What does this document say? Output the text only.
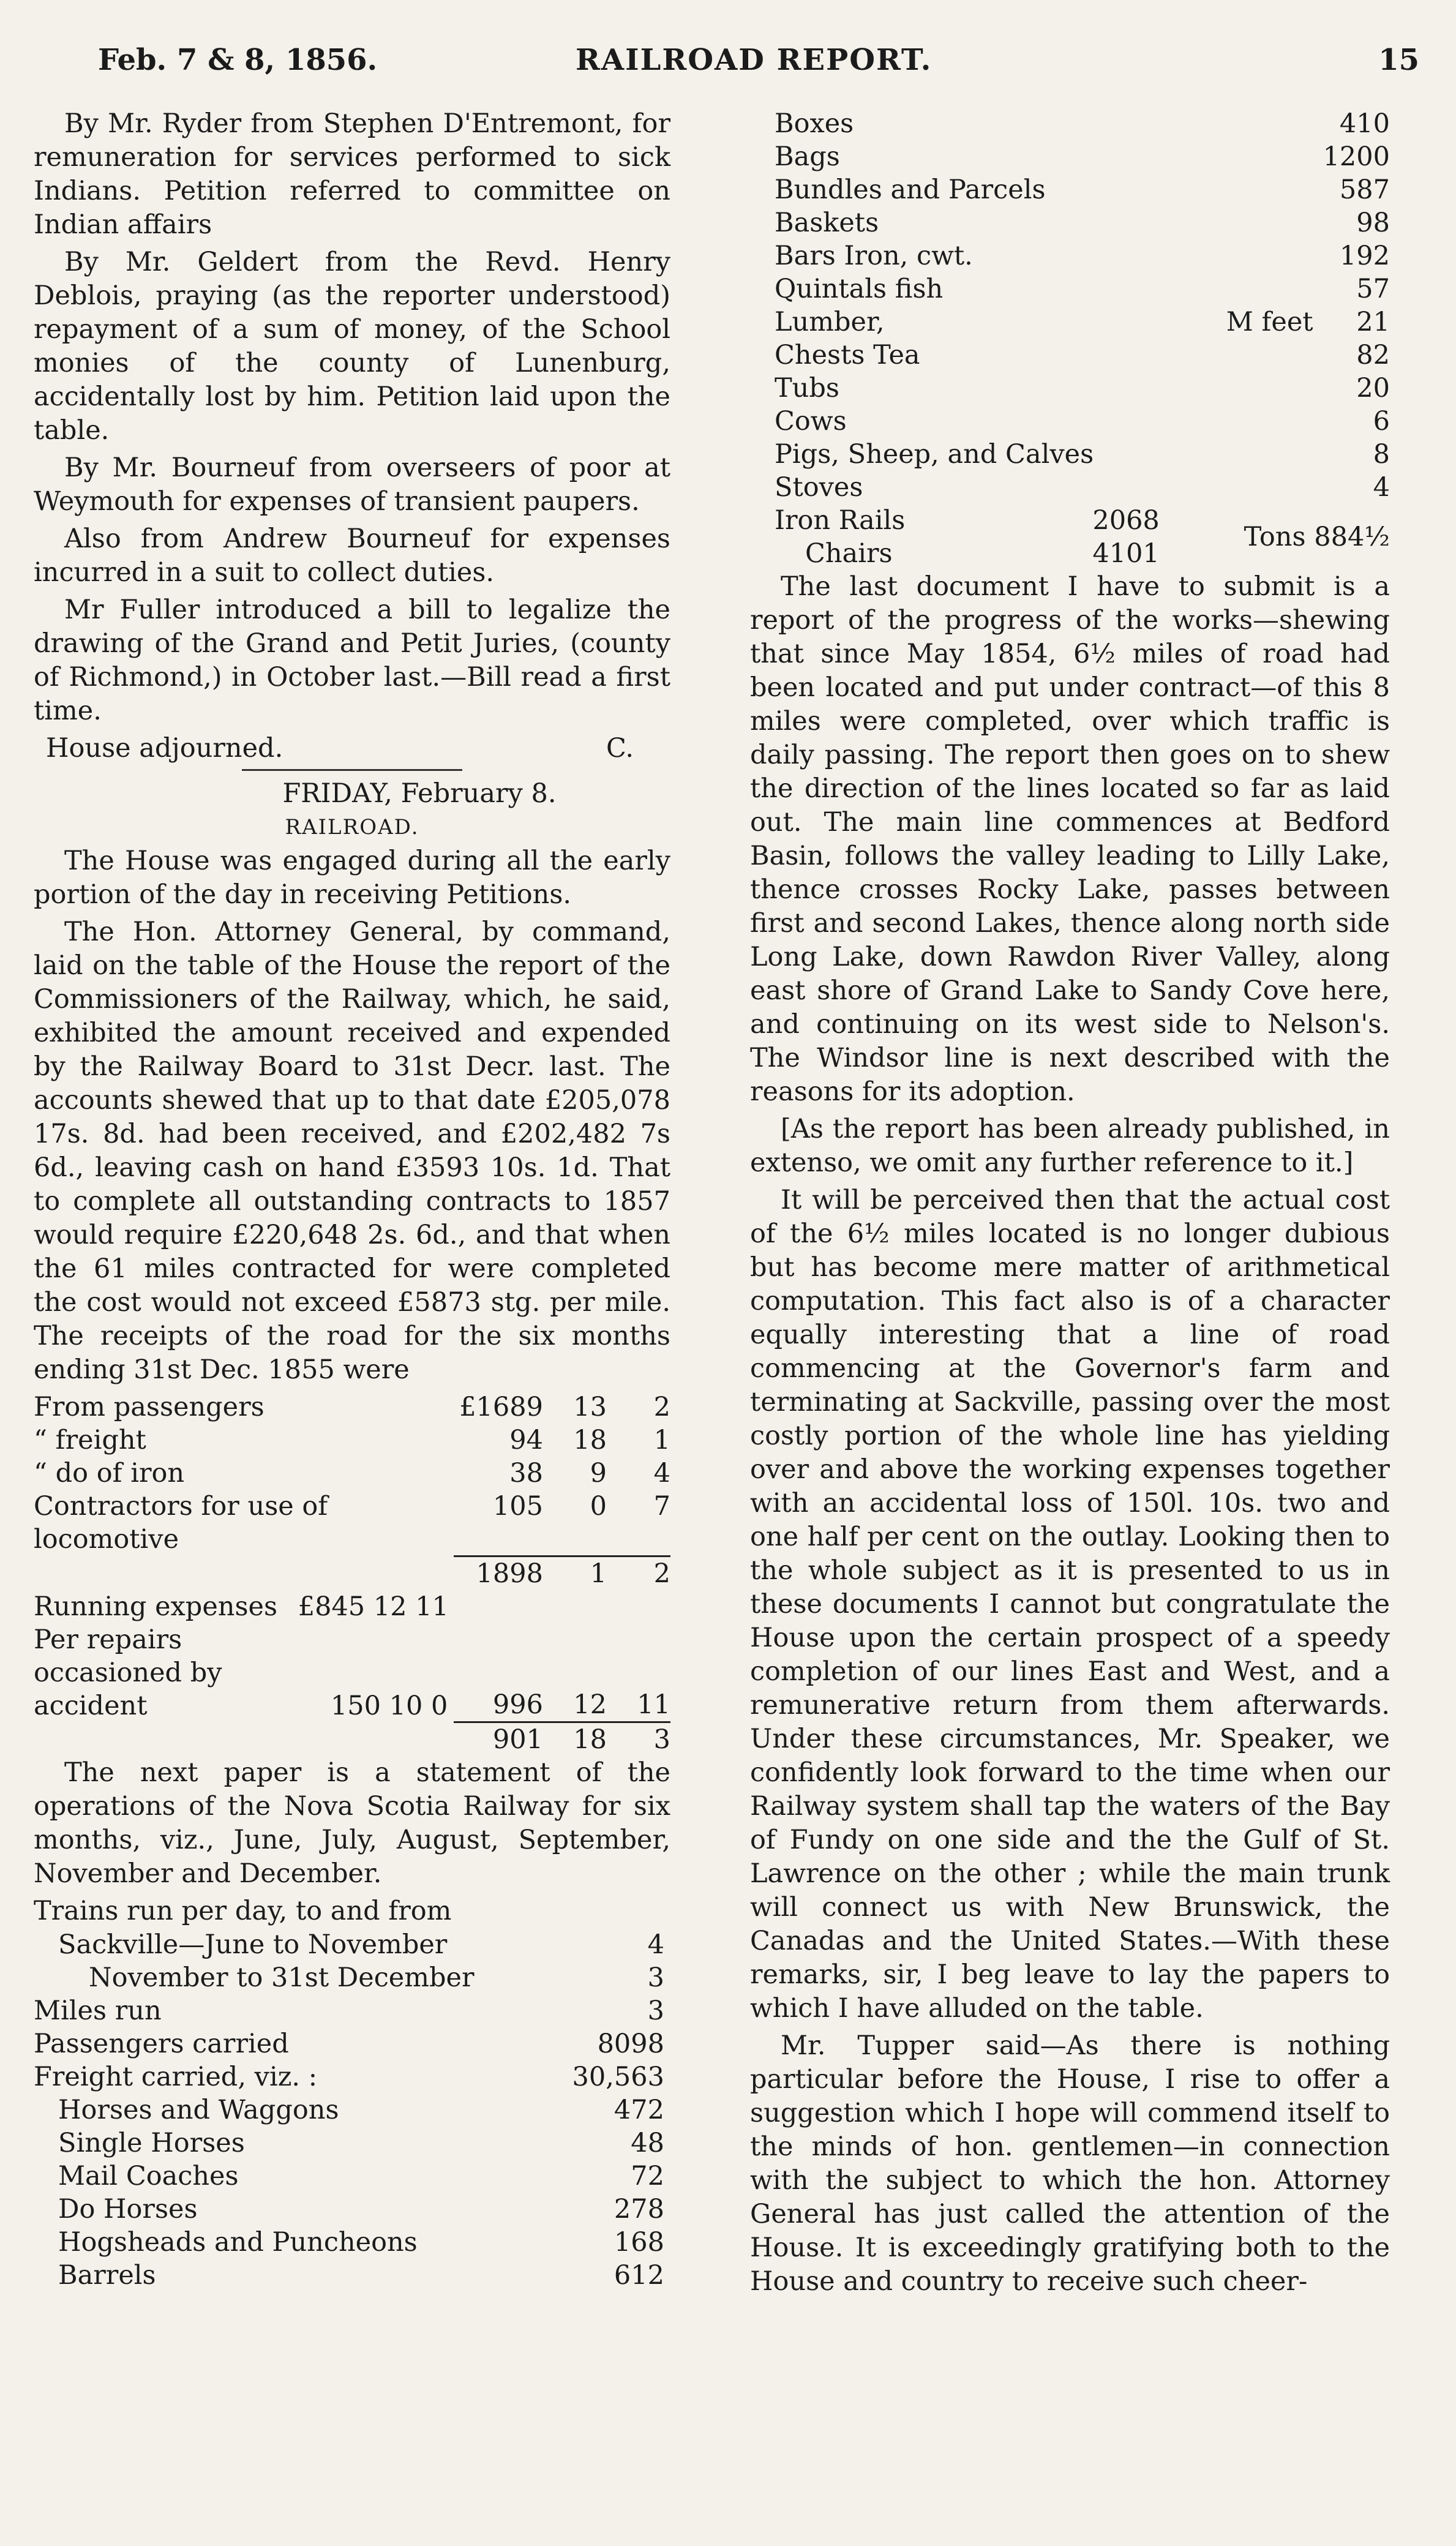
Feb. 7 & 8, 1856.	RAILROAD REPORT.	15

By Mr. Ryder from Stephen D'Entremont, for remuneration for services performed to sick Indians. Petition referred to committee on Indian affairs

By Mr. Geldert from the Revd. Henry Deblois, praying (as the reporter understood) repayment of a sum of money, of the School monies of the county of Lunenburg, accidentally lost by him. Petition laid upon the table.

By Mr. Bourneuf from overseers of poor at Weymouth for expenses of transient paupers.

Also from Andrew Bourneuf for expenses incurred in a suit to collect duties.

Mr Fuller introduced a bill to legalize the drawing of the Grand and Petit Juries, (county of Richmond,) in October last.—Bill read a first time.

House adjourned.	C.
FRIDAY, February 8.
RAILROAD.

The House was engaged during all the early portion of the day in receiving Petitions.

The Hon. Attorney General, by command, laid on the table of the House the report of the Commissioners of the Railway, which, he said, exhibited the amount received and expended by the Railway Board to 31st Decr. last. The accounts shewed that up to that date £205,078 17s. 8d. had been received, and £202,482 7s 6d., leaving cash on hand £3593 10s. 1d. That to complete all outstanding contracts to 1857 would require £220,648 2s. 6d., and that when the 61 miles contracted for were completed the cost would not exceed £5873 stg. per mile. The receipts of the road for the six months ending 31st Dec. 1855 were

From passengers	£1689	13	2
“ freight	94	18	1
“ do of iron	38	9	4
Contractors for use of locomotive	105	0	7
	1898	1	2
Running expenses £845 12 11			

Per repairs occasioned by accident 150 10 0	996	12	11
	901	18	3

The next paper is a statement of the operations of the Nova Scotia Railway for six months, viz., June, July, August, September, November and December.

Trains run per day, to and from
Sackville—June to November	4
November to 31st December	3
Miles run	3
Passengers carried	8098
Freight carried, viz. :	30,563
Horses and Waggons	472
Single Horses	48
Mail Coaches	72
Do Horses	278
Hogsheads and Puncheons	168
Barrels	612
Boxes		410
Bags		1200
Bundles and Parcels		587
Baskets		98
Bars Iron, cwt.		192
Quintals fish		57
Lumber,	M feet	21
Chests Tea		82
Tubs		20
Cows		6
Pigs, Sheep, and Calves		8
Stoves		4
Iron Rails	2068	Tons 884½
Chairs	4101	

The last document I have to submit is a report of the progress of the works—shewing that since May 1854, 6½ miles of road had been located and put under contract—of this 8 miles were completed, over which traffic is daily passing. The report then goes on to shew the direction of the lines located so far as laid out. The main line commences at Bedford Basin, follows the valley leading to Lilly Lake, thence crosses Rocky Lake, passes between first and second Lakes, thence along north side Long Lake, down Rawdon River Valley, along east shore of Grand Lake to Sandy Cove here, and continuing on its west side to Nelson's. The Windsor line is next described with the reasons for its adoption.

[As the report has been already published, in extenso, we omit any further reference to it.]

It will be perceived then that the actual cost of the 6½ miles located is no longer dubious but has become mere matter of arithmetical computation. This fact also is of a character equally interesting that a line of road commencing at the Governor's farm and terminating at Sackville, passing over the most costly portion of the whole line has yielding over and above the working expenses together with an accidental loss of 150l. 10s. two and one half per cent on the outlay. Looking then to the whole subject as it is presented to us in these documents I cannot but congratulate the House upon the certain prospect of a speedy completion of our lines East and West, and a remunerative return from them afterwards. Under these circumstances, Mr. Speaker, we confidently look forward to the time when our Railway system shall tap the waters of the Bay of Fundy on one side and the the Gulf of St. Lawrence on the other ; while the main trunk will connect us with New Brunswick, the Canadas and the United States.—With these remarks, sir, I beg leave to lay the papers to which I have alluded on the table.

Mr. Tupper said—As there is nothing particular before the House, I rise to offer a suggestion which I hope will commend itself to the minds of hon. gentlemen—in connection with the subject to which the hon. Attorney General has just called the attention of the House. It is exceedingly gratifying both to the House and country to receive such cheer-
